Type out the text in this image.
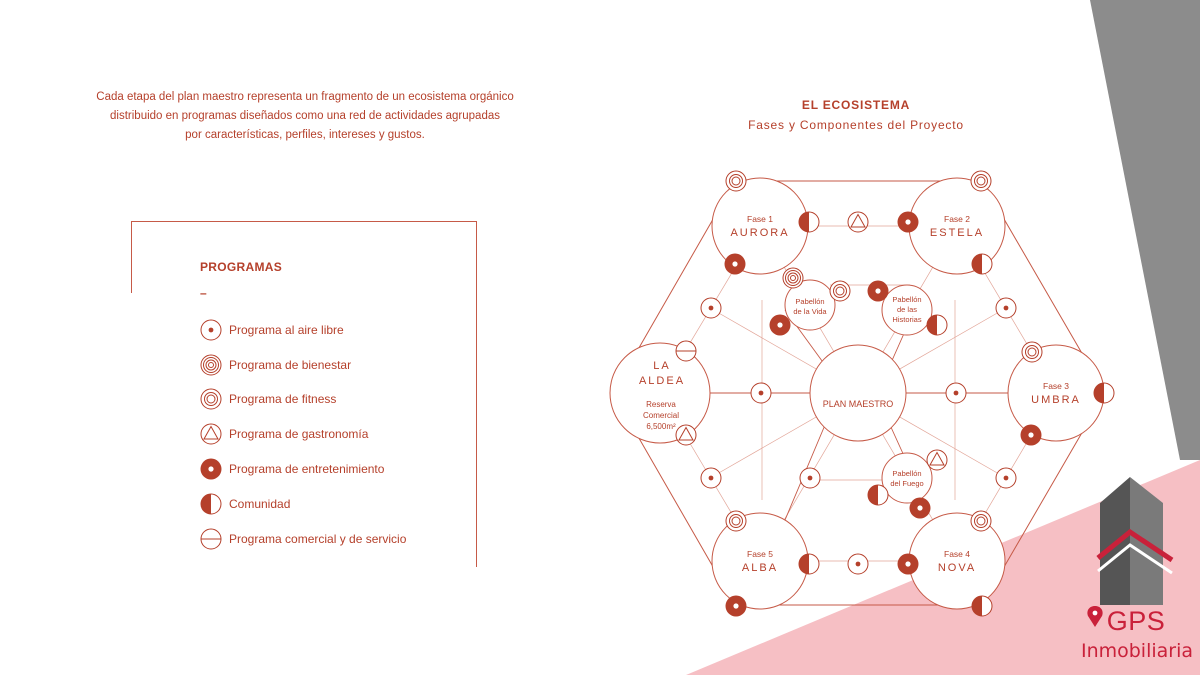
Cada etapa del plan maestro representa un fragmento de un ecosistema orgánico
distribuido en programas diseñados como una red de actividades agrupadas
por características, perfiles, intereses y gustos.
PROGRAMAS
–
Programa al aire libre
Programa de bienestar
Programa de fitness
Programa de gastronomía
Programa de entretenimiento
Comunidad
Programa comercial y de servicio
EL ECOSISTEMA
Fases y Componentes del Proyecto
Fase 1
AURORA
Fase 2
ESTELA
Fase 3
UMBRA
Fase 4
NOVA
Fase 5
ALBA
LA
ALDEA
Reserva
Comercial
6,500m²
PLAN MAESTRO
Pabellón
de la Vida
Pabellón
de las
Historias
Pabellón
del Fuego
GPS
Inmobiliaria
